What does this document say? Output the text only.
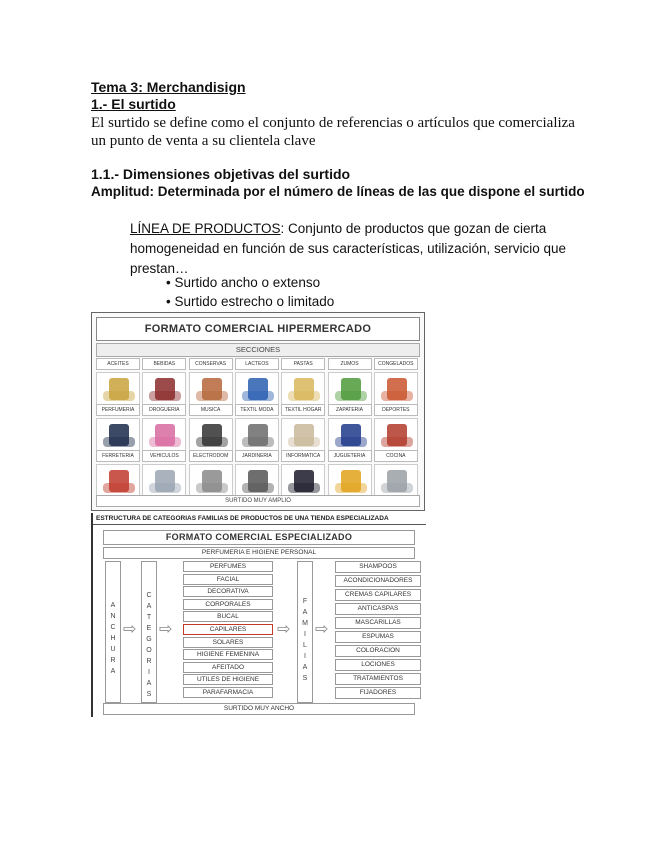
Tema 3: Merchandisign
1.- El surtido
El surtido se define como el conjunto de referencias o artículos que comercializa
un punto de venta a su clientela clave
1.1.- Dimensiones objetivas del surtido
Amplitud: Determinada por el número de líneas de las que dispone el surtido
LÍNEA DE PRODUCTOS: Conjunto de productos que gozan de cierta
homogeneidad en función de sus características, utilización, servicio que
prestan…
• Surtido ancho o extenso
• Surtido estrecho o limitado
FORMATO COMERCIAL HIPERMERCADO
SECCIONES
ACEITES	BEBIDAS	CONSERVAS	LACTEOS	PASTAS	ZUMOS	CONGELADOS
PERFUMERIA	DROGUERIA	MUSICA	TEXTIL MODA	TEXTIL HOGAR	ZAPATERIA	DEPORTES
FERRETERIA	VEHICULOS	ELECTRODOM	JARDINERIA	INFORMATICA	JUGUETERIA	COCINA
SURTIDO MUY AMPLIO
ESTRUCTURA DE CATEGORIAS FAMILIAS DE PRODUCTOS DE UNA TIENDA ESPECIALIZADA
FORMATO COMERCIAL ESPECIALIZADO
PERFUMERIA E HIGIENE PERSONAL
A
N
C
H
U
R
A
⇨
C
A
T
E
G
O
R
I
A
S
⇨
PERFUMES
FACIAL
DECORATIVA
CORPORALES
BUCAL
CAPILARES
SOLARES
HIGIENE FEMENINA
AFEITADO
UTILES DE HIGIENE
PARAFARMACIA
⇨
F
A
M
I
L
I
A
S
⇨
SHAMPOOS
ACONDICIONADORES
CREMAS CAPILARES
ANTICASPAS
MASCARILLAS
ESPUMAS
COLORACION
LOCIONES
TRATAMIENTOS
FIJADORES
SURTIDO MUY ANCHO
